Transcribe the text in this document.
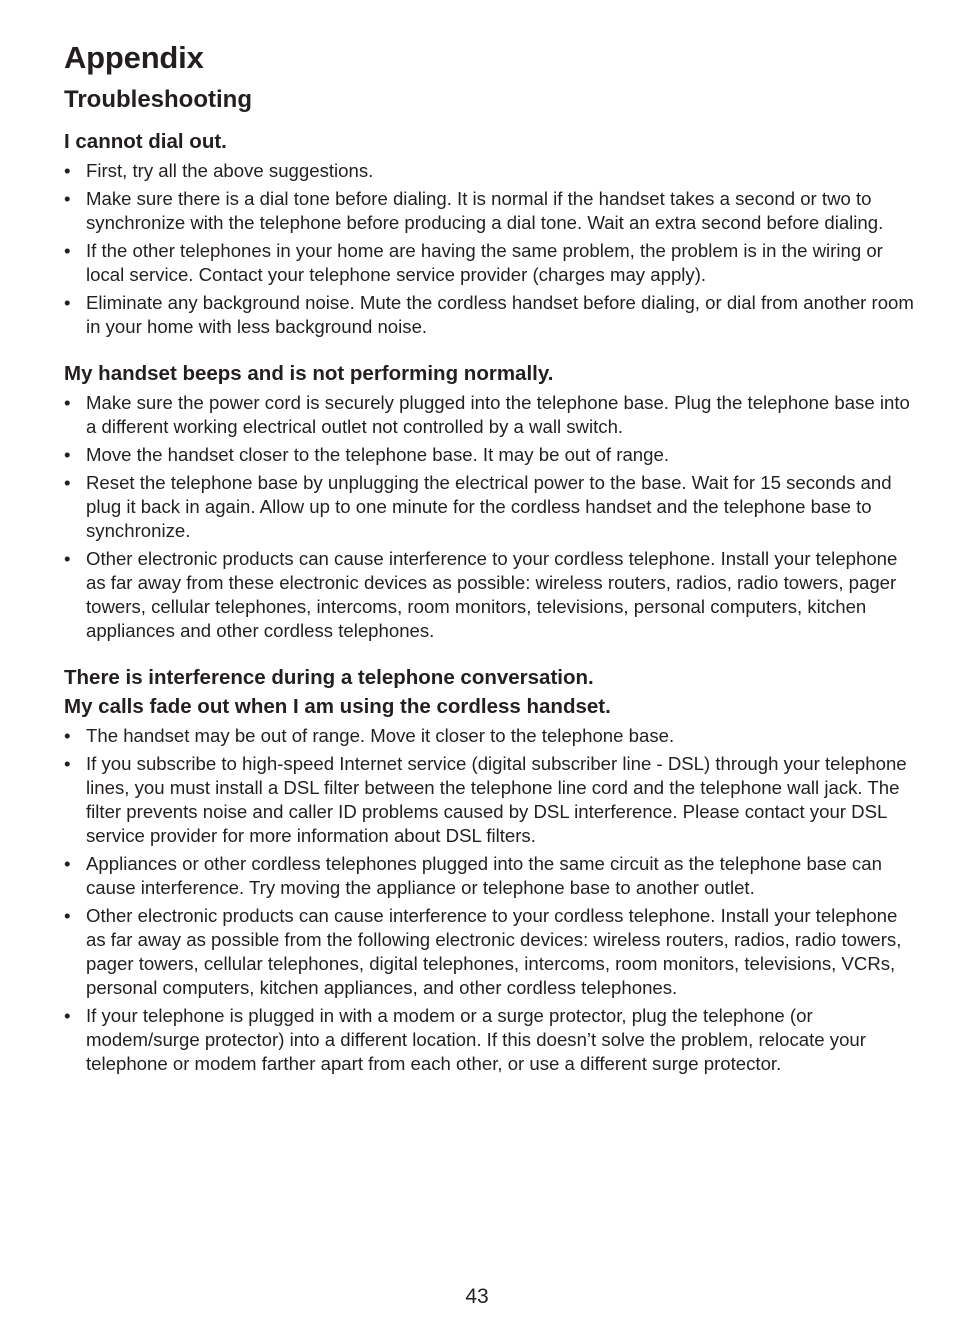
Appendix
Troubleshooting
I cannot dial out.
• First, try all the above suggestions.
• Make sure there is a dial tone before dialing. It is normal if the handset takes a second or two to synchronize with the telephone before producing a dial tone. Wait an extra second before dialing.
• If the other telephones in your home are having the same problem, the problem is in the wiring or local service. Contact your telephone service provider (charges may apply).
• Eliminate any background noise. Mute the cordless handset before dialing, or dial from another room in your home with less background noise.
My handset beeps and is not performing normally.
• Make sure the power cord is securely plugged into the telephone base. Plug the telephone base into a different working electrical outlet not controlled by a wall switch.
• Move the handset closer to the telephone base. It may be out of range.
• Reset the telephone base by unplugging the electrical power to the base. Wait for 15 seconds and plug it back in again. Allow up to one minute for the cordless handset and the telephone base to synchronize.
• Other electronic products can cause interference to your cordless telephone. Install your telephone as far away from these electronic devices as possible: wireless routers, radios, radio towers, pager towers, cellular telephones, intercoms, room monitors, televisions, personal computers, kitchen appliances and other cordless telephones.
There is interference during a telephone conversation.
My calls fade out when I am using the cordless handset.
• The handset may be out of range. Move it closer to the telephone base.
• If you subscribe to high-speed Internet service (digital subscriber line - DSL) through your telephone lines, you must install a DSL filter between the telephone line cord and the telephone wall jack. The filter prevents noise and caller ID problems caused by DSL interference. Please contact your DSL service provider for more information about DSL filters.
• Appliances or other cordless telephones plugged into the same circuit as the telephone base can cause interference. Try moving the appliance or telephone base to another outlet.
• Other electronic products can cause interference to your cordless telephone. Install your telephone as far away as possible from the following electronic devices: wireless routers, radios, radio towers, pager towers, cellular telephones, digital telephones, intercoms, room monitors, televisions, VCRs, personal computers, kitchen appliances, and other cordless telephones.
• If your telephone is plugged in with a modem or a surge protector, plug the telephone (or modem/surge protector) into a different location. If this doesn’t solve the problem, relocate your telephone or modem farther apart from each other, or use a different surge protector.
43
